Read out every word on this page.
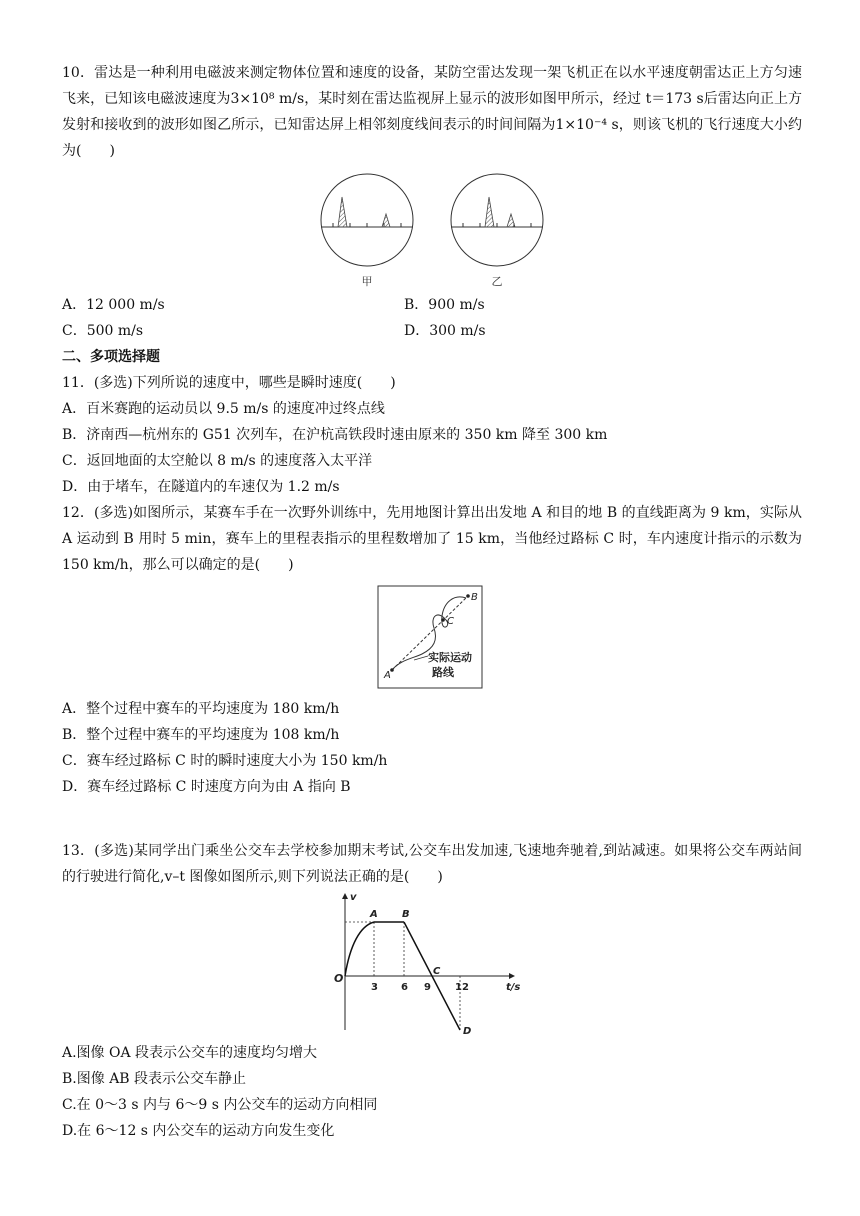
10．雷达是一种利用电磁波来测定物体位置和速度的设备，某防空雷达发现一架飞机正在以水平速度朝雷达正上方匀速飞来，已知该电磁波速度为3×10⁸ m/s，某时刻在雷达监视屏上显示的波形如图甲所示，经过 t＝173 s后雷达向正上方发射和接收到的波形如图乙所示，已知雷达屏上相邻刻度线间表示的时间间隔为1×10⁻⁴ s，则该飞机的飞行速度大小约为(　　)

甲	乙
A．12 000 m/s	B．900 m/s
C．500 m/s	D．300 m/s
二、多项选择题
11．(多选)下列所说的速度中，哪些是瞬时速度(　　)
A．百米赛跑的运动员以 9.5 m/s 的速度冲过终点线
B．济南西—杭州东的 G51 次列车，在沪杭高铁段时速由原来的 350 km 降至 300 km
C．返回地面的太空舱以 8 m/s 的速度落入太平洋
D．由于堵车，在隧道内的车速仅为 1.2 m/s

12．(多选)如图所示，某赛车手在一次野外训练中，先用地图计算出出发地 A 和目的地 B 的直线距离为 9 km，实际从 A 运动到 B 用时 5 min，赛车上的里程表指示的里程数增加了 15 km，当他经过路标 C 时，车内速度计指示的示数为 150 km/h，那么可以确定的是(　　)

A
B
C
实际运动
路线
A．整个过程中赛车的平均速度为 180 km/h
B．整个过程中赛车的平均速度为 108 km/h
C．赛车经过路标 C 时的瞬时速度大小为 150 km/h
D．赛车经过路标 C 时速度方向为由 A 指向 B

13．(多选)某同学出门乘坐公交车去学校参加期末考试,公交车出发加速,飞速地奔驰着,到站减速。如果将公交车两站间的行驶进行简化,v–t 图像如图所示,则下列说法正确的是(　　)

v
t/s
O
A B
C
D
3 6 9 12
A.图像 OA 段表示公交车的速度均匀增大
B.图像 AB 段表示公交车静止
C.在 0～3 s 内与 6～9 s 内公交车的运动方向相同
D.在 6～12 s 内公交车的运动方向发生变化
